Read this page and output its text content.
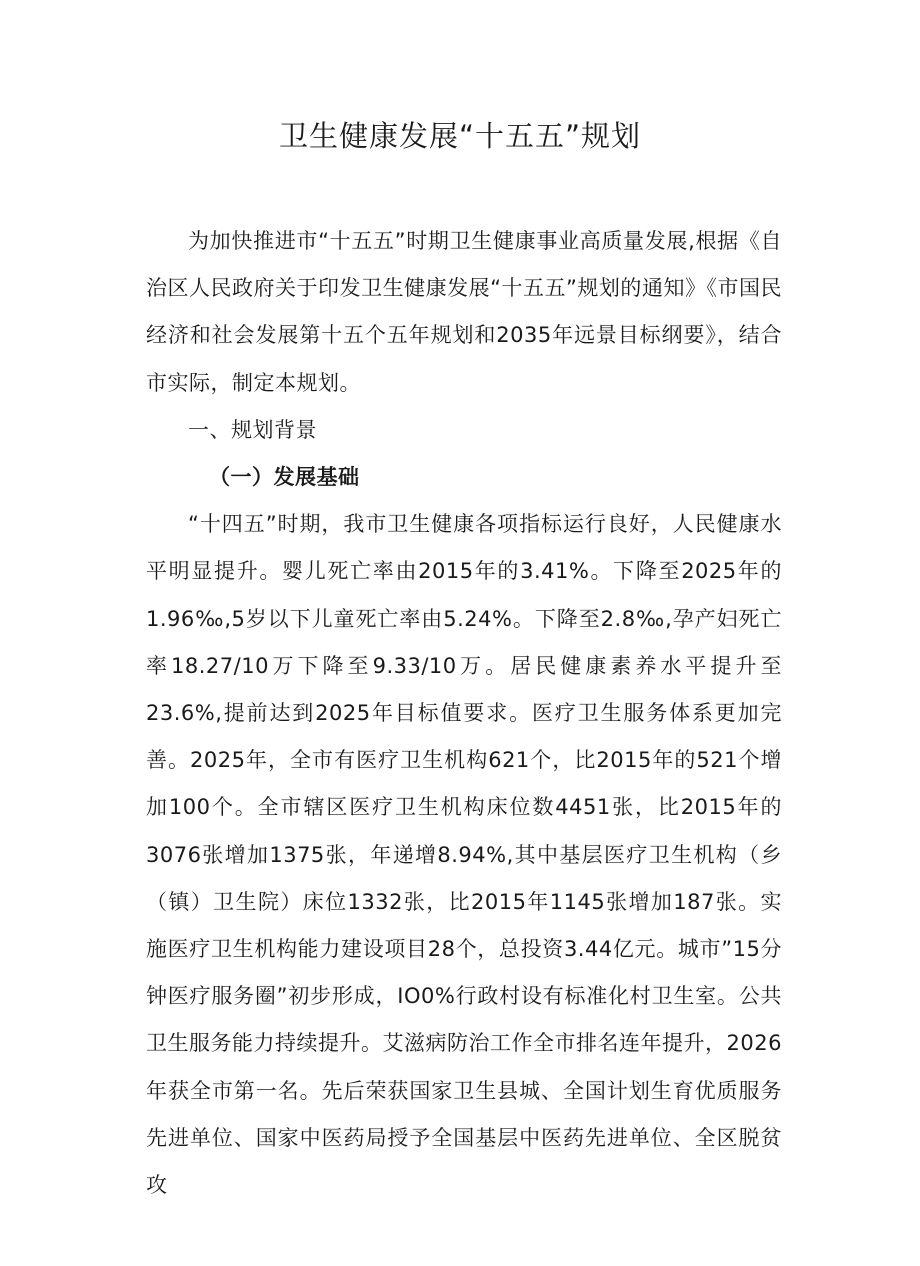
卫生健康发展“十五五”规划

为加快推进市“十五五”时期卫生健康事业高质量发展,根据《自治区人民政府关于印发卫生健康发展“十五五”规划的通知》《市国民经济和社会发展第十五个五年规划和2035年远景目标纲要》，结合市实际，制定本规划。

一、规划背景

（一）发展基础

“十四五”时期，我市卫生健康各项指标运行良好，人民健康水平明显提升。婴儿死亡率由2015年的3.41%。下降至2025年的1.96‰,5岁以下儿童死亡率由5.24%。下降至2.8‰,孕产妇死亡率18.27/10万下降至9.33/10万。居民健康素养水平提升至23.6%,提前达到2025年目标值要求。医疗卫生服务体系更加完善。2025年，全市有医疗卫生机构621个，比2015年的521个增加100个。全市辖区医疗卫生机构床位数4451张，比2015年的3076张增加1375张，年递增8.94%,其中基层医疗卫生机构（乡（镇）卫生院）床位1332张，比2015年1145张增加187张。实施医疗卫生机构能力建设项目28个，总投资3.44亿元。城市”15分钟医疗服务圈”初步形成，IO0%行政村设有标准化村卫生室。公共卫生服务能力持续提升。艾滋病防治工作全市排名连年提升，2026年获全市第一名。先后荣获国家卫生县城、全国计划生育优质服务先进单位、国家中医药局授予全国基层中医药先进单位、全区脱贫攻
